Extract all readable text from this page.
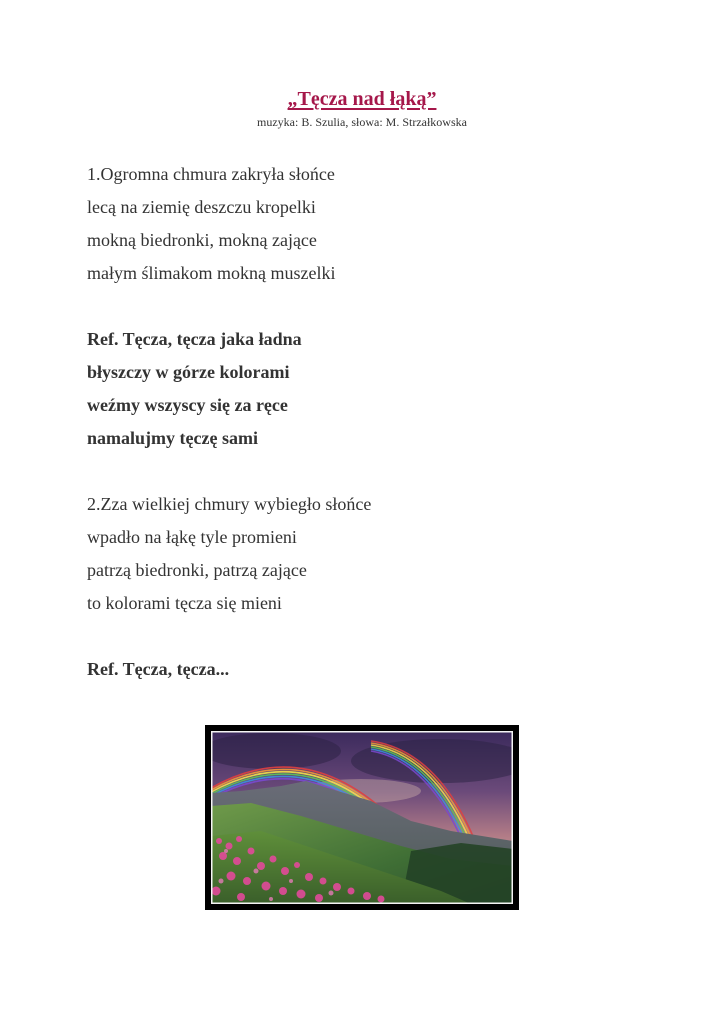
„Tęcza nad łąką”

muzyka: B. Szulia, słowa: M. Strzałkowska

1.Ogromna chmura zakryła słońce
lecą na ziemię deszczu kropelki
mokną biedronki, mokną zające
małym ślimakom mokną muszelki
Ref. Tęcza, tęcza jaka ładna
błyszczy w górze kolorami
weźmy wszyscy się za ręce
namalujmy tęczę sami
2.Zza wielkiej chmury wybiegło słońce
wpadło na łąkę tyle promieni
patrzą biedronki, patrzą zające
to kolorami tęcza się mieni
Ref. Tęcza, tęcza...
